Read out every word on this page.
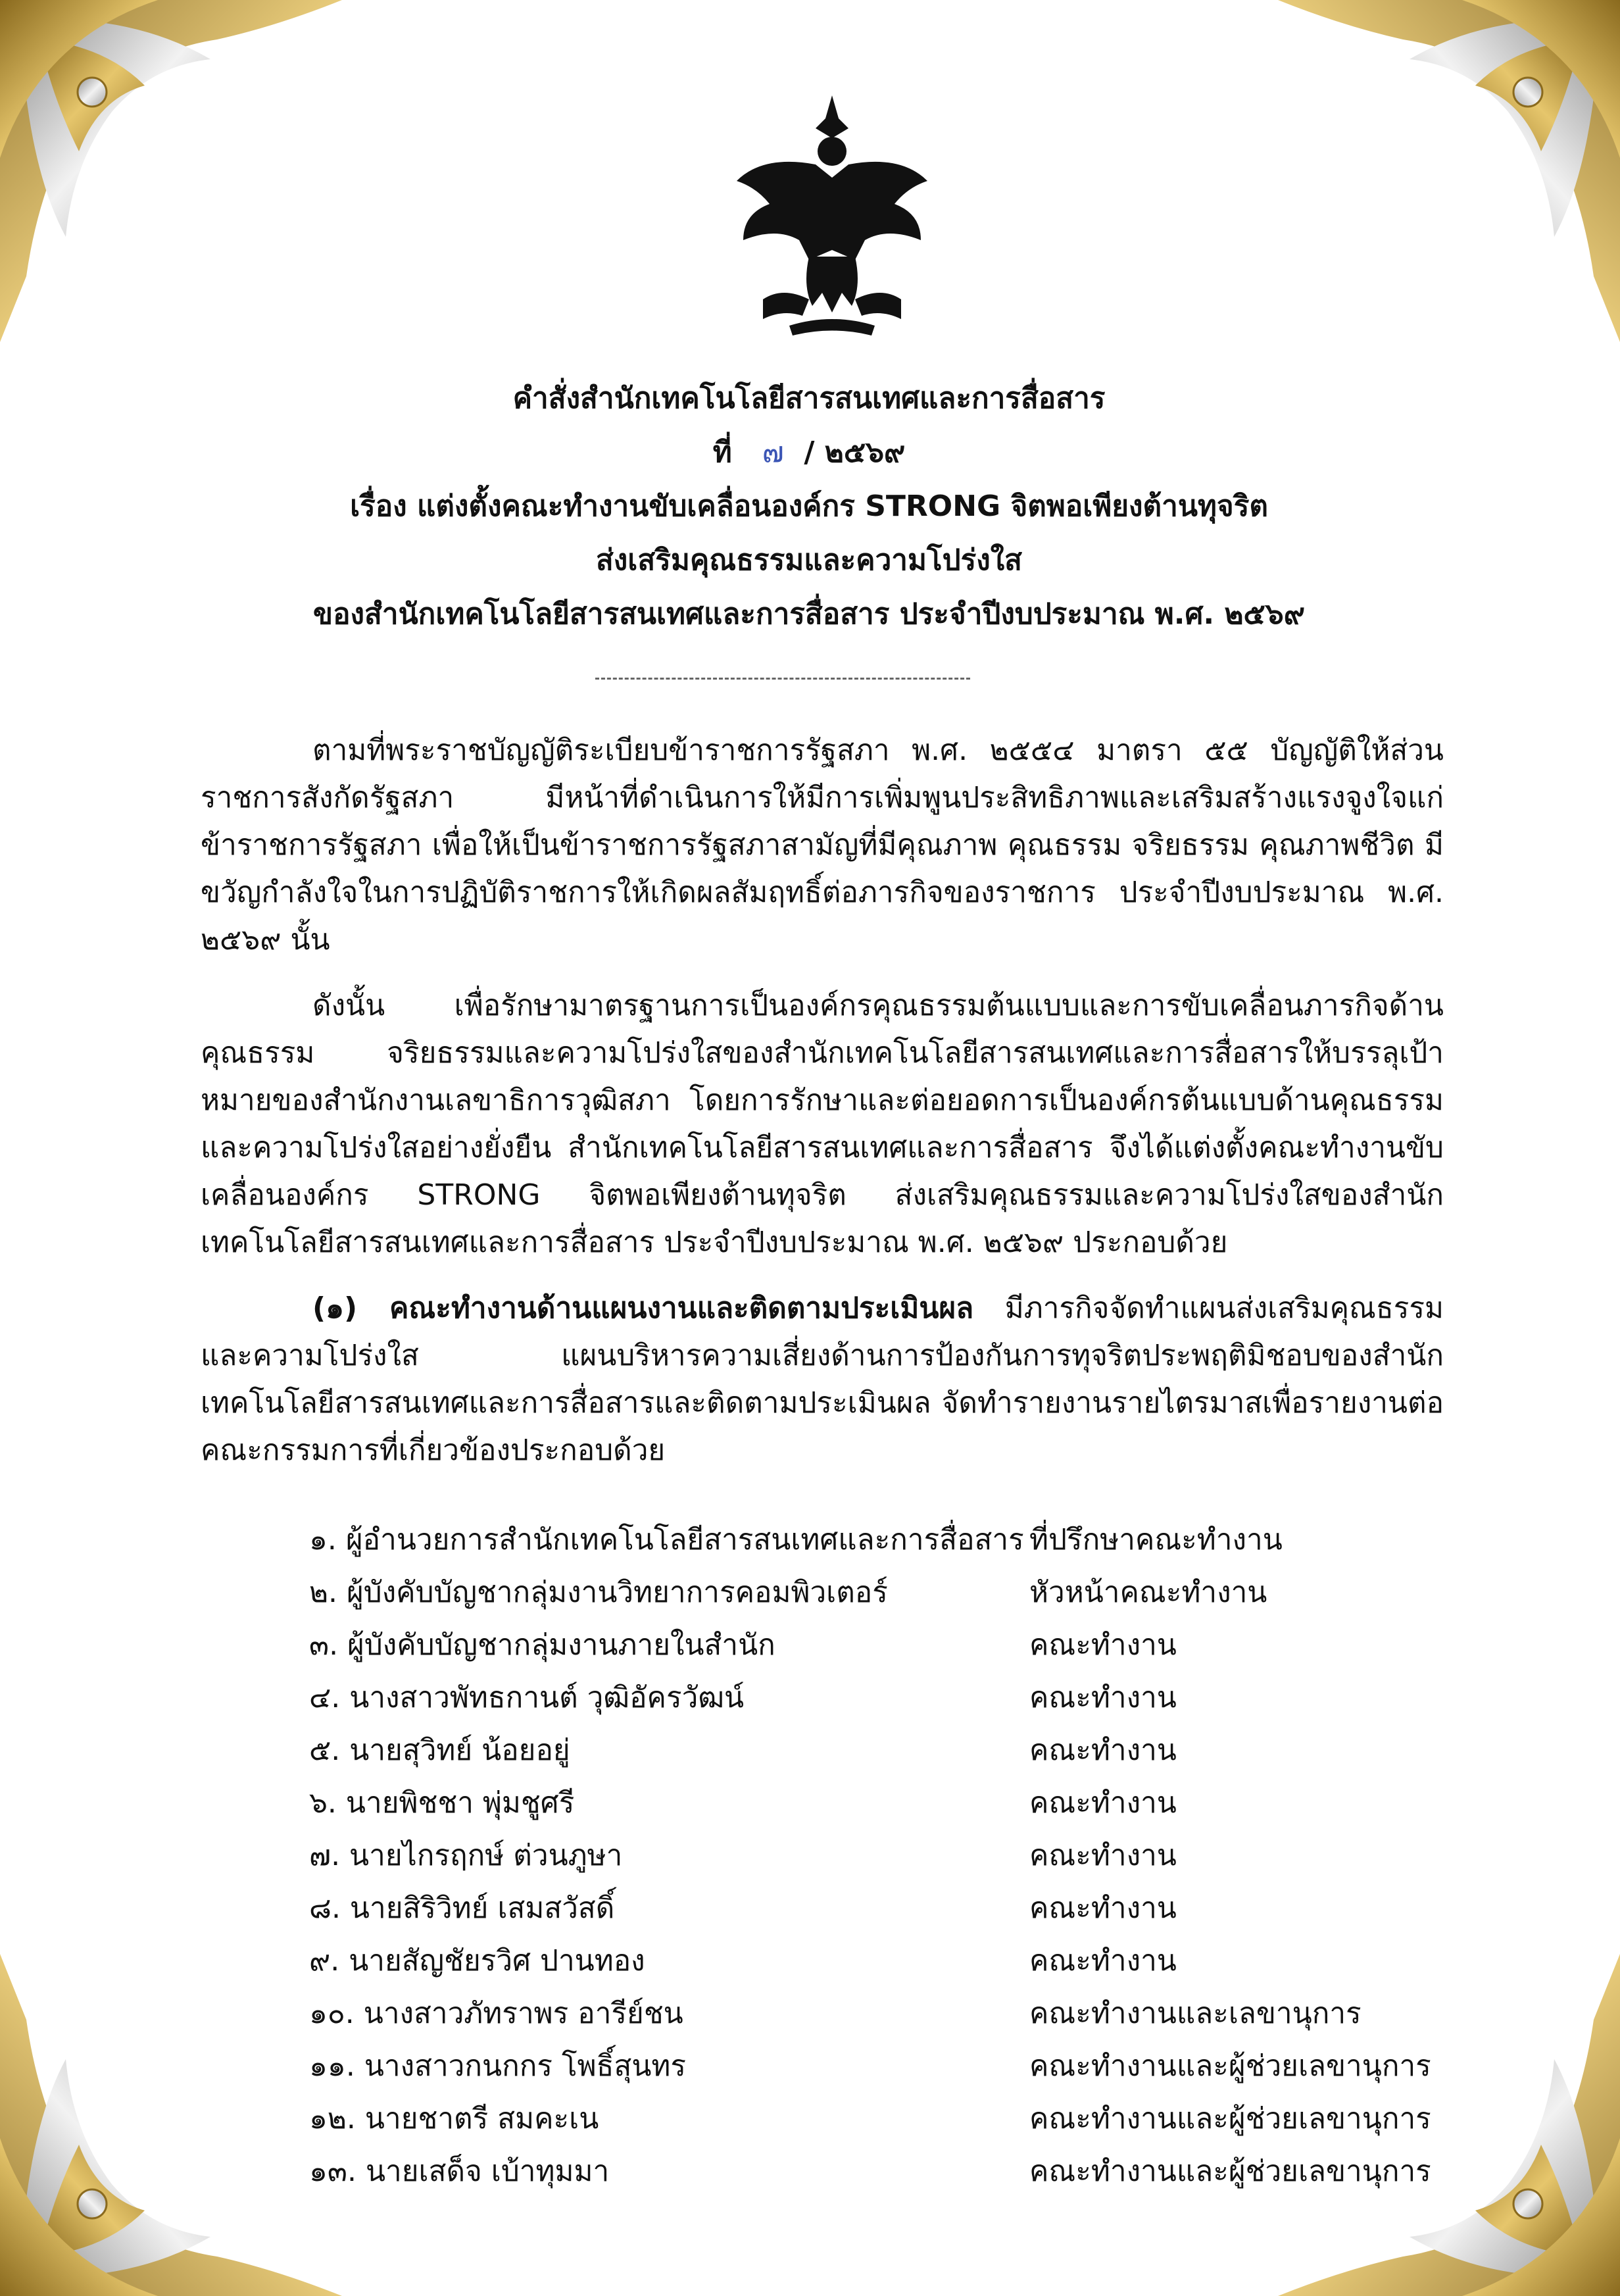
คำสั่งสำนักเทคโนโลยีสารสนเทศและการสื่อสาร
ที่ ๗ / ๒๕๖๙
เรื่อง แต่งตั้งคณะทำงานขับเคลื่อนองค์กร STRONG จิตพอเพียงต้านทุจริต
ส่งเสริมคุณธรรมและความโปร่งใส
ของสำนักเทคโนโลยีสารสนเทศและการสื่อสาร ประจำปีงบประมาณ พ.ศ. ๒๕๖๙

ตามที่พระราชบัญญัติระเบียบข้าราชการรัฐสภา พ.ศ. ๒๕๕๔ มาตรา ๕๕ บัญญัติให้ส่วนราชการสังกัดรัฐสภา มีหน้าที่ดำเนินการให้มีการเพิ่มพูนประสิทธิภาพและเสริมสร้างแรงจูงใจแก่ข้าราชการรัฐสภา เพื่อให้เป็นข้าราชการรัฐสภาสามัญที่มีคุณภาพ คุณธรรม จริยธรรม คุณภาพชีวิต มีขวัญกำลังใจในการปฏิบัติราชการให้เกิดผลสัมฤทธิ์ต่อภารกิจของราชการ ประจำปีงบประมาณ พ.ศ. ๒๕๖๙ นั้น

ดังนั้น เพื่อรักษามาตรฐานการเป็นองค์กรคุณธรรมต้นแบบและการขับเคลื่อนภารกิจด้านคุณธรรม จริยธรรมและความโปร่งใสของสำนักเทคโนโลยีสารสนเทศและการสื่อสารให้บรรลุเป้าหมายของสำนักงานเลขาธิการวุฒิสภา โดยการรักษาและต่อยอดการเป็นองค์กรต้นแบบด้านคุณธรรมและความโปร่งใสอย่างยั่งยืน สำนักเทคโนโลยีสารสนเทศและการสื่อสาร จึงได้แต่งตั้งคณะทำงานขับเคลื่อนองค์กร STRONG จิตพอเพียงต้านทุจริต ส่งเสริมคุณธรรมและความโปร่งใสของสำนักเทคโนโลยีสารสนเทศและการสื่อสาร ประจำปีงบประมาณ พ.ศ. ๒๕๖๙ ประกอบด้วย

(๑) คณะทำงานด้านแผนงานและติดตามประเมินผล มีภารกิจจัดทำแผนส่งเสริมคุณธรรมและความโปร่งใส แผนบริหารความเสี่ยงด้านการป้องกันการทุจริตประพฤติมิชอบของสำนักเทคโนโลยีสารสนเทศและการสื่อสารและติดตามประเมินผล จัดทำรายงานรายไตรมาสเพื่อรายงานต่อคณะกรรมการที่เกี่ยวข้องประกอบด้วย

๑. ผู้อำนวยการสำนักเทคโนโลยีสารสนเทศและการสื่อสาร ที่ปรึกษาคณะทำงาน
๒. ผู้บังคับบัญชากลุ่มงานวิทยาการคอมพิวเตอร์	หัวหน้าคณะทำงาน
๓. ผู้บังคับบัญชากลุ่มงานภายในสำนัก	คณะทำงาน
๔. นางสาวพัทธกานต์ วุฒิอัครวัฒน์	คณะทำงาน
๕. นายสุวิทย์ น้อยอยู่	คณะทำงาน
๖. นายพิชชา พุ่มชูศรี	คณะทำงาน
๗. นายไกรฤกษ์ ต่วนภูษา	คณะทำงาน
๘. นายสิริวิทย์ เสมสวัสดิ์	คณะทำงาน
๙. นายสัญชัยรวิศ ปานทอง	คณะทำงาน
๑๐. นางสาวภัทราพร อารีย์ชน	คณะทำงานและเลขานุการ
๑๑. นางสาวกนกกร โพธิ์สุนทร	คณะทำงานและผู้ช่วยเลขานุการ
๑๒. นายชาตรี สมคะเน	คณะทำงานและผู้ช่วยเลขานุการ
๑๓. นายเสด็จ เบ้าทุมมา	คณะทำงานและผู้ช่วยเลขานุการ
